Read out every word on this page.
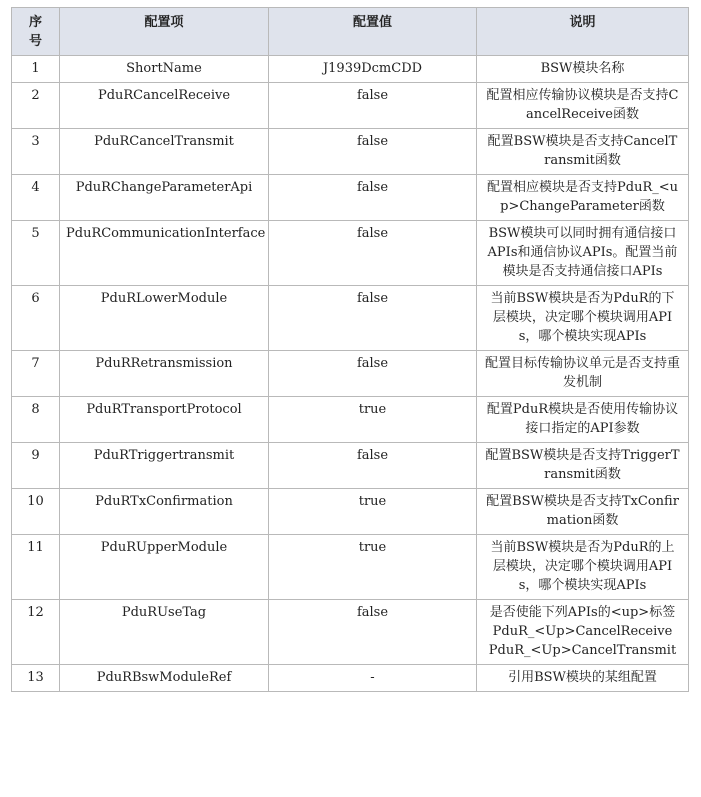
序号	配置项	配置值	说明
1	ShortName	J1939DcmCDD	BSW模块名称
2	PduRCancelReceive	false	配置相应传输协议模块是否支持CancelReceive函数
3	PduRCancelTransmit	false	配置BSW模块是否支持CancelTransmit函数
4	PduRChangeParameterApi	false	配置相应模块是否支持PduR_<up>ChangeParameter函数
5	PduRCommunicationInterface	false	BSW模块可以同时拥有通信接口APIs和通信协议APIs。配置当前模块是否支持通信接口APIs
6	PduRLowerModule	false	当前BSW模块是否为PduR的下层模块，决定哪个模块调用APIs，哪个模块实现APIs
7	PduRRetransmission	false	配置目标传输协议单元是否支持重发机制
8	PduRTransportProtocol	true	配置PduR模块是否使用传输协议接口指定的API参数
9	PduRTriggertransmit	false	配置BSW模块是否支持TriggerTransmit函数
10	PduRTxConfirmation	true	配置BSW模块是否支持TxConfirmation函数
11	PduRUpperModule	true	当前BSW模块是否为PduR的上层模块，决定哪个模块调用APIs，哪个模块实现APIs
12	PduRUseTag	false	是否使能下列APIs的<up>标签
PduR_<Up>CancelReceive
PduR_<Up>CancelTransmit

13	PduRBswModuleRef	-	引用BSW模块的某组配置
